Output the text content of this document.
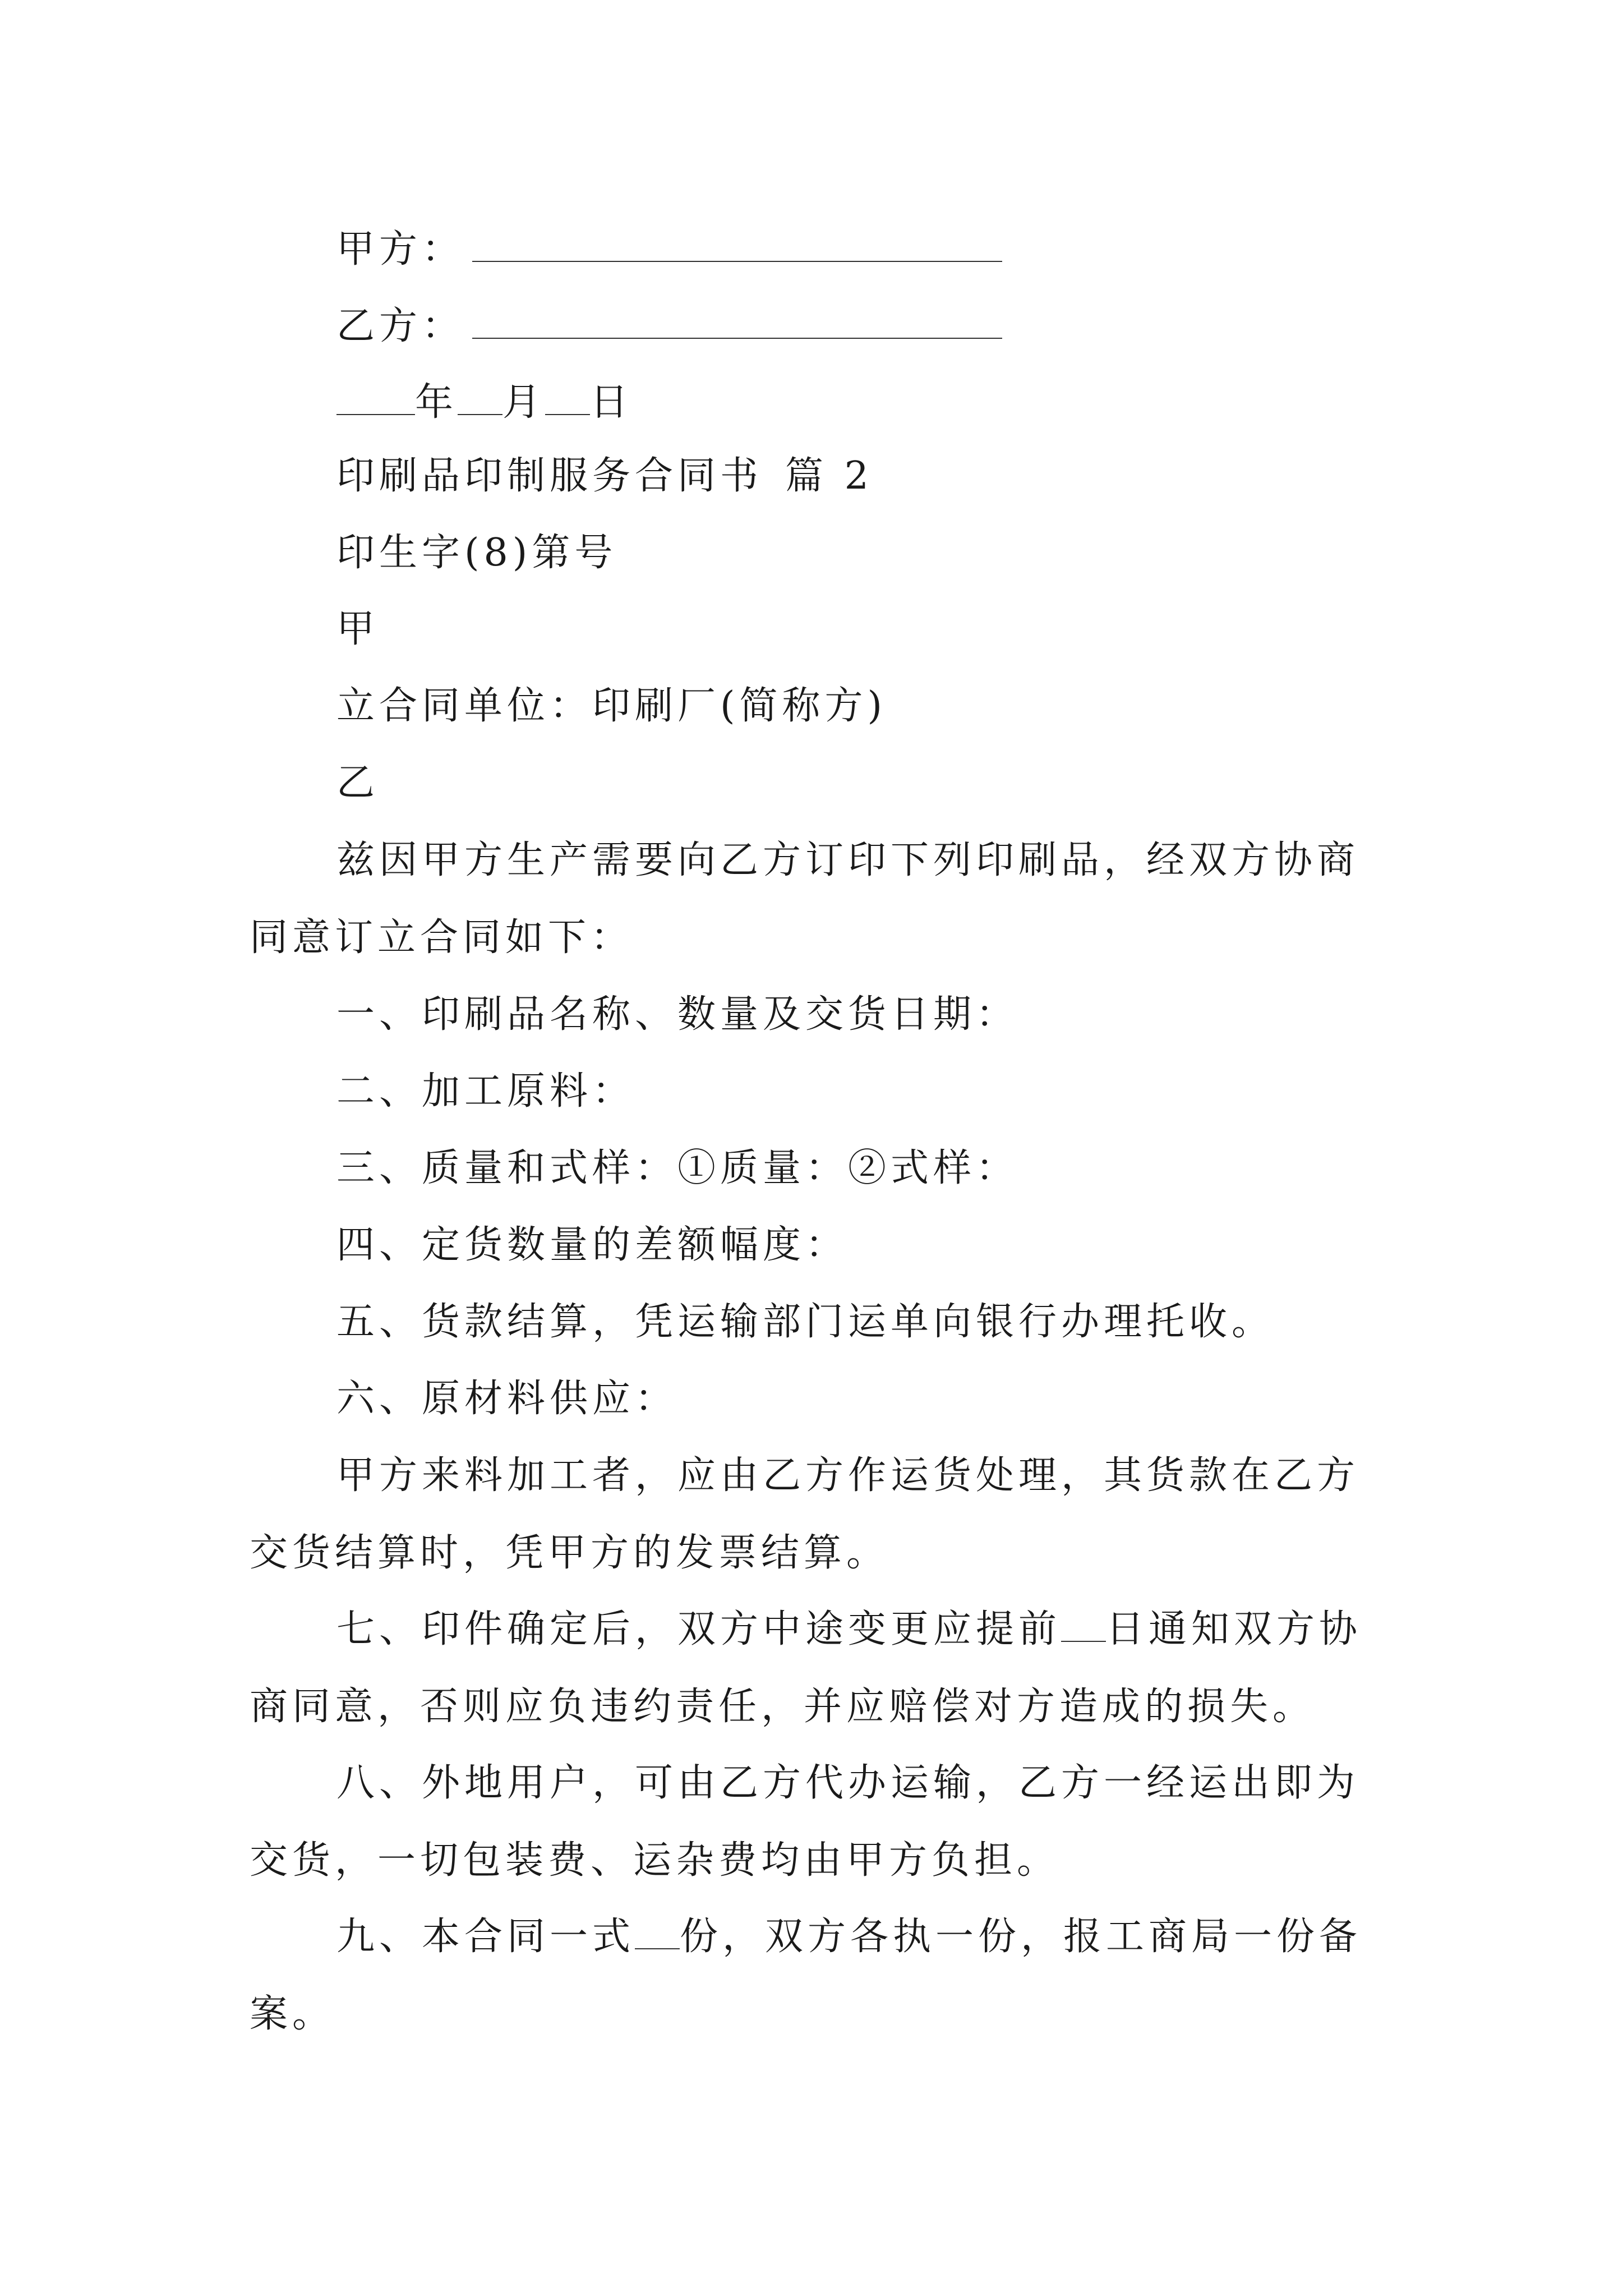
甲方：
乙方：
年 月 日
印刷品印制服务合同书 篇 2
印生字(8)第号
甲
立合同单位：印刷厂(简称方)
乙

兹因甲方生产需要向乙方订印下列印刷品，经双方协商同意订立合同如下：

一、印刷品名称、数量及交货日期：

二、加工原料：

三、质量和式样：①质量：②式样：

四、定货数量的差额幅度：

五、货款结算，凭运输部门运单向银行办理托收。

六、原材料供应：

甲方来料加工者，应由乙方作运货处理，其货款在乙方交货结算时，凭甲方的发票结算。

七、印件确定后，双方中途变更应提前 日通知双方协商同意，否则应负违约责任，并应赔偿对方造成的损失。

八、外地用户，可由乙方代办运输，乙方一经运出即为交货，一切包装费、运杂费均由甲方负担。

九、本合同一式 份，双方各执一份，报工商局一份备案。
